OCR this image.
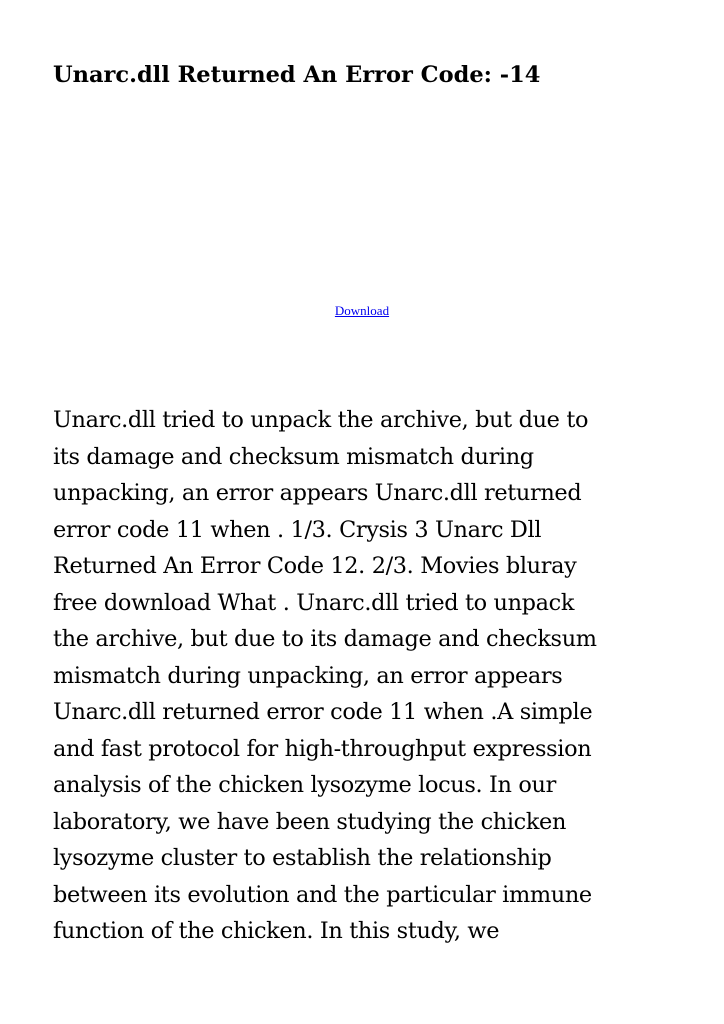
Unarc.dll Returned An Error Code: -14
Download
Unarc.dll tried to unpack the archive, but due to
its damage and checksum mismatch during
unpacking, an error appears Unarc.dll returned
error code 11 when . 1/3. Crysis 3 Unarc Dll
Returned An Error Code 12. 2/3. Movies bluray
free download What . Unarc.dll tried to unpack
the archive, but due to its damage and checksum
mismatch during unpacking, an error appears
Unarc.dll returned error code 11 when .A simple
and fast protocol for high-throughput expression
analysis of the chicken lysozyme locus. In our
laboratory, we have been studying the chicken
lysozyme cluster to establish the relationship
between its evolution and the particular immune
function of the chicken. In this study, we
